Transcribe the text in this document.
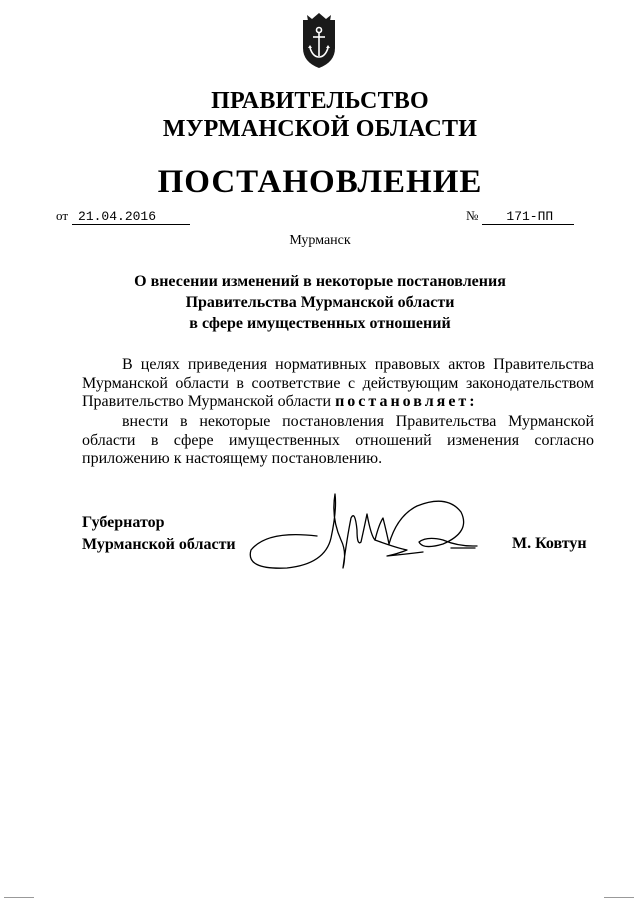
ПРАВИТЕЛЬСТВО
МУРМАНСКОЙ ОБЛАСТИ
ПОСТАНОВЛЕНИЕ
от 21.04.2016	№ 171-ПП
Мурманск
О внесении изменений в некоторые постановления
Правительства Мурманской области
в сфере имущественных отношений
В целях приведения нормативных правовых актов Правительства Мурманской области в соответствие с действующим законодательством Правительство Мурманской области постановляет:
внести в некоторые постановления Правительства Мурманской области в сфере имущественных отношений изменения согласно приложению к настоящему постановлению.
Губернатор
Мурманской области	М. Ковтун
